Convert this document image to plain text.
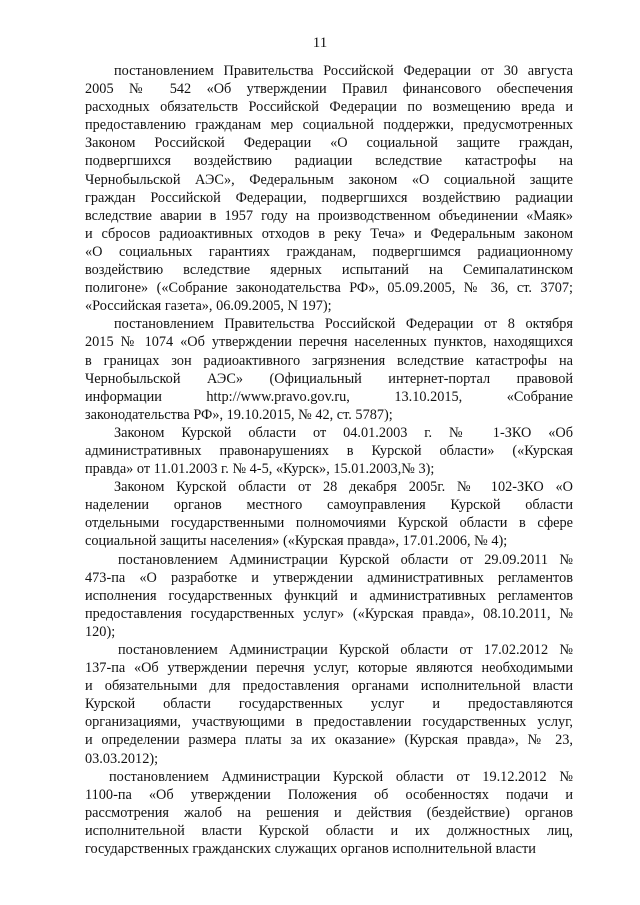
11
постановлением Правительства Российской Федерации от 30 августа
2005 № 542 «Об утверждении Правил финансового обеспечения
расходных обязательств Российской Федерации по возмещению вреда и
предоставлению гражданам мер социальной поддержки, предусмотренных
Законом Российской Федерации «О социальной защите граждан,
подвергшихся воздействию радиации вследствие катастрофы на
Чернобыльской АЭС», Федеральным законом «О социальной защите
граждан Российской Федерации, подвергшихся воздействию радиации
вследствие аварии в 1957 году на производственном объединении «Маяк»
и сбросов радиоактивных отходов в реку Теча» и Федеральным законом
«О социальных гарантиях гражданам, подвергшимся радиационному
воздействию вследствие ядерных испытаний на Семипалатинском
полигоне» («Собрание законодательства РФ», 05.09.2005, № 36, ст. 3707;
«Российская газета», 06.09.2005, N 197);
постановлением Правительства Российской Федерации от 8 октября
2015 № 1074 «Об утверждении перечня населенных пунктов, находящихся
в границах зон радиоактивного загрязнения вследствие катастрофы на
Чернобыльской АЭС» (Официальный интернет-портал правовой
информации http://www.pravo.gov.ru, 13.10.2015, «Собрание
законодательства РФ», 19.10.2015, № 42, ст. 5787);
Законом Курской области от 04.01.2003 г. № 1-ЗКО «Об
административных правонарушениях в Курской области» («Курская
правда» от 11.01.2003 г. № 4-5, «Курск», 15.01.2003,№ 3);
Законом Курской области от 28 декабря 2005г. № 102-ЗКО «О
наделении органов местного самоуправления Курской области
отдельными государственными полномочиями Курской области в сфере
социальной защиты населения» («Курская правда», 17.01.2006, № 4);
постановлением Администрации Курской области от 29.09.2011 №
473-па «О разработке и утверждении административных регламентов
исполнения государственных функций и административных регламентов
предоставления государственных услуг» («Курская правда», 08.10.2011, №
120);
постановлением Администрации Курской области от 17.02.2012 №
137-па «Об утверждении перечня услуг, которые являются необходимыми
и обязательными для предоставления органами исполнительной власти
Курской области государственных услуг и предоставляются
организациями, участвующими в предоставлении государственных услуг,
и определении размера платы за их оказание» (Курская правда», № 23,
03.03.2012);
постановлением Администрации Курской области от 19.12.2012 №
1100-па «Об утверждении Положения об особенностях подачи и
рассмотрения жалоб на решения и действия (бездействие) органов
исполнительной власти Курской области и их должностных лиц,
государственных гражданских служащих органов исполнительной власти
